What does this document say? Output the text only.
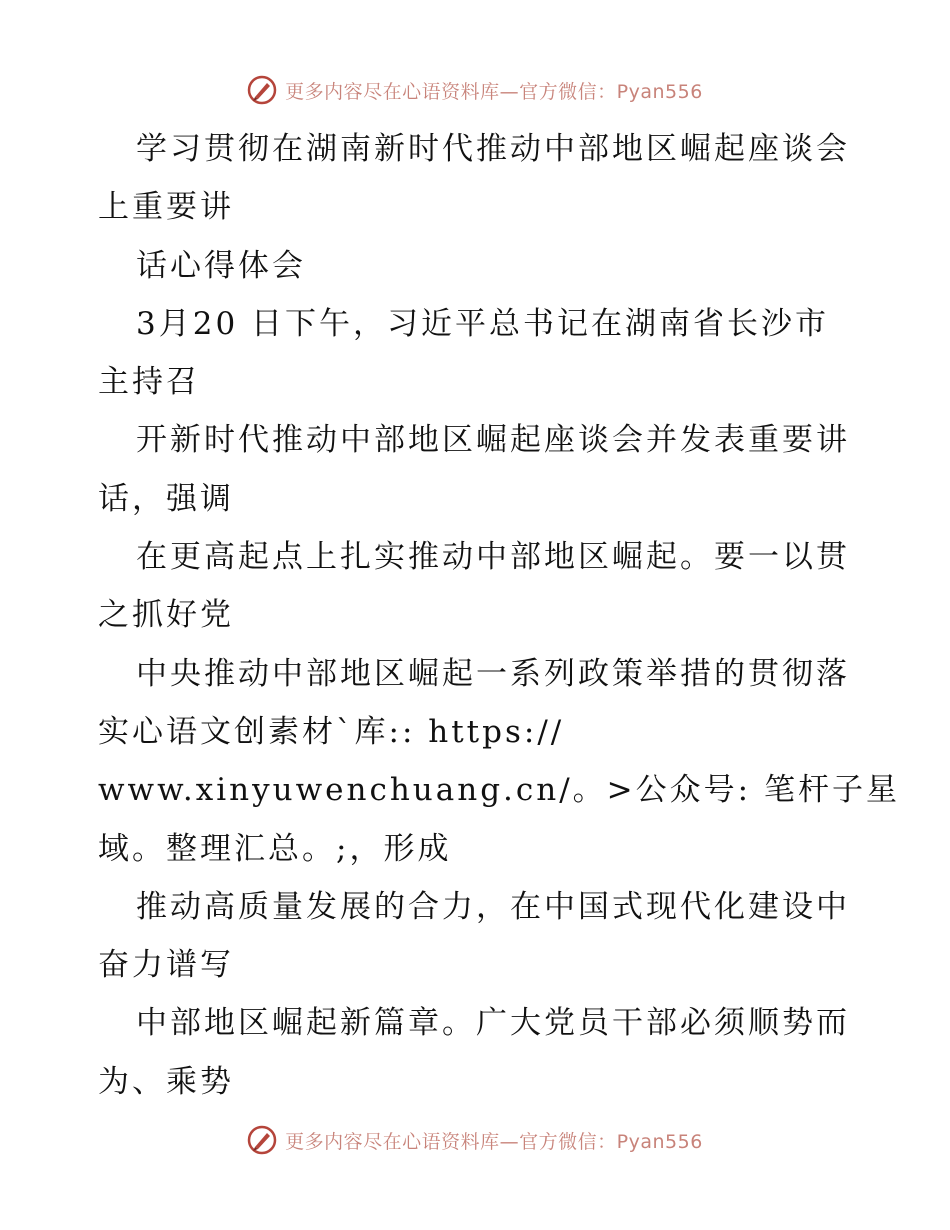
更多内容尽在心语资料库—官方微信：Pyan556
学习贯彻在湖南新时代推动中部地区崛起座谈会
上重要讲
话心得体会
3月20 日下午，习近平总书记在湖南省长沙市
主持召
开新时代推动中部地区崛起座谈会并发表重要讲
话，强调
在更高起点上扎实推动中部地区崛起。要一以贯
之抓好党
中央推动中部地区崛起一系列政策举措的贯彻落
实心语文创素材`库:: https://
www.xinyuwenchuang.cn/。>公众号: 笔杆子星
域。整理汇总。;，形成
推动高质量发展的合力，在中国式现代化建设中
奋力谱写
中部地区崛起新篇章。广大党员干部必须顺势而
为、乘势
更多内容尽在心语资料库—官方微信：Pyan556
